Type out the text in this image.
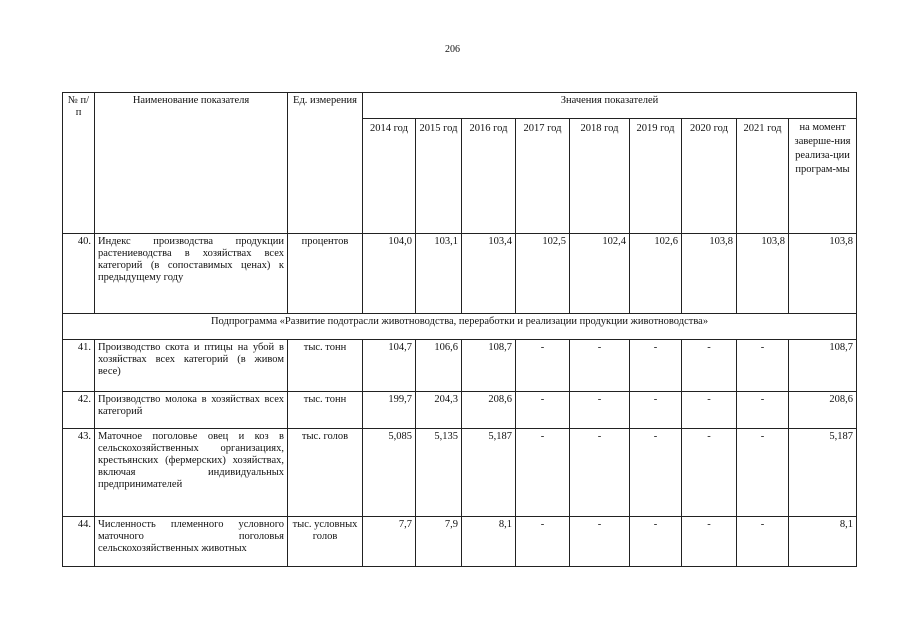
206
№ п/п	Наименование показателя	Ед. измерения	Значения показателей								
			2014 год	2015 год	2016 год	2017 год	2018 год	2019 год	2020 год	2021 год	на момент заверше-ния реализа-ции програм-мы
40.	Индекс производства продукции растениеводства в хозяйствах всех категорий (в сопоставимых ценах) к предыдущему году	процентов	104,0	103,1	103,4	102,5	102,4	102,6	103,8	103,8	103,8
Подпрограмма «Развитие подотрасли животноводства, переработки и реализации продукции животноводства»											
41.	Производство скота и птицы на убой в хозяйствах всех категорий (в живом весе)	тыс. тонн	104,7	106,6	108,7	-	-	-	-	-	108,7
42.	Производство молока в хозяйствах всех категорий	тыс. тонн	199,7	204,3	208,6	-	-	-	-	-	208,6
43.	Маточное поголовье овец и коз в сельскохозяйственных организациях, крестьянских (фермерских) хозяйствах, включая индивидуальных предпринимателей	тыс. голов	5,085	5,135	5,187	-	-	-	-	-	5,187
44.	Численность племенного условного маточного поголовья сельскохозяйственных животных	тыс. условных голов	7,7	7,9	8,1	-	-	-	-	-	8,1
